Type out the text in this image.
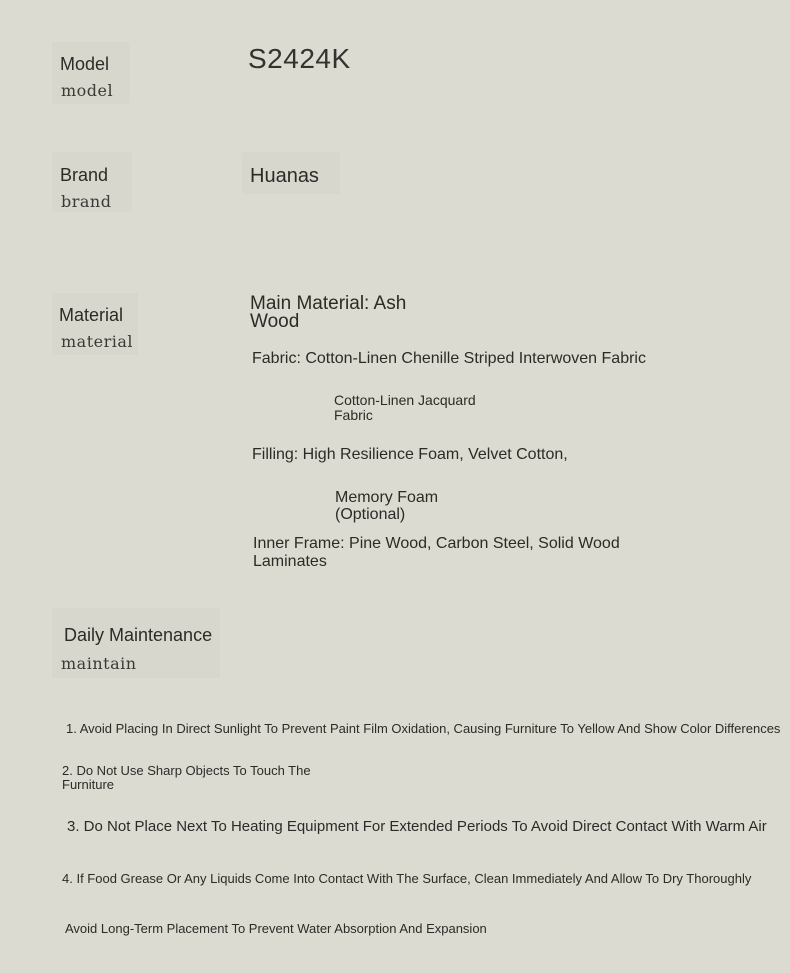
Model
model
S2424K
Brand
brand
Huanas
Material
material
Main Material: Ash Wood
Fabric: Cotton-Linen Chenille Striped Interwoven Fabric
Cotton-Linen Jacquard Fabric
Filling: High Resilience Foam, Velvet Cotton,
Memory Foam (Optional)
Inner Frame: Pine Wood, Carbon Steel, Solid Wood Laminates
Daily Maintenance
maintain
1. Avoid Placing In Direct Sunlight To Prevent Paint Film Oxidation, Causing Furniture To Yellow And Show Color Differences
2. Do Not Use Sharp Objects To Touch The Furniture
3. Do Not Place Next To Heating Equipment For Extended Periods To Avoid Direct Contact With Warm Air
4. If Food Grease Or Any Liquids Come Into Contact With The Surface, Clean Immediately And Allow To Dry Thoroughly
Avoid Long-Term Placement To Prevent Water Absorption And Expansion
